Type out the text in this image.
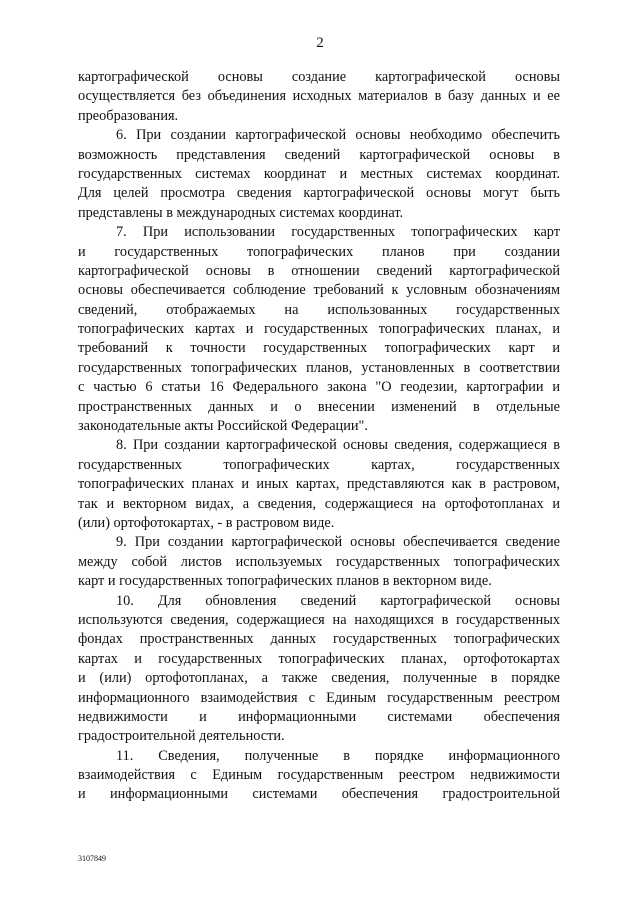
2
картографической основы создание картографической основы
осуществляется без объединения исходных материалов в базу данных и ее
преобразования.
6. При создании картографической основы необходимо обеспечить
возможность представления сведений картографической основы в
государственных системах координат и местных системах координат.
Для целей просмотра сведения картографической основы могут быть
представлены в международных системах координат.
7. При использовании государственных топографических карт
и государственных топографических планов при создании
картографической основы в отношении сведений картографической
основы обеспечивается соблюдение требований к условным обозначениям
сведений, отображаемых на использованных государственных
топографических картах и государственных топографических планах, и
требований к точности государственных топографических карт и
государственных топографических планов, установленных в соответствии
с частью 6 статьи 16 Федерального закона "О геодезии, картографии и
пространственных данных и о внесении изменений в отдельные
законодательные акты Российской Федерации".
8. При создании картографической основы сведения, содержащиеся в
государственных топографических картах, государственных
топографических планах и иных картах, представляются как в растровом,
так и векторном видах, а сведения, содержащиеся на ортофотопланах и
(или) ортофотокартах, - в растровом виде.
9. При создании картографической основы обеспечивается сведение
между собой листов используемых государственных топографических
карт и государственных топографических планов в векторном виде.
10. Для обновления сведений картографической основы
используются сведения, содержащиеся на находящихся в государственных
фондах пространственных данных государственных топографических
картах и государственных топографических планах, ортофотокартах
и (или) ортофотопланах, а также сведения, полученные в порядке
информационного взаимодействия с Единым государственным реестром
недвижимости и информационными системами обеспечения
градостроительной деятельности.
11. Сведения, полученные в порядке информационного
взаимодействия с Единым государственным реестром недвижимости
и информационными системами обеспечения градостроительной
3107849
